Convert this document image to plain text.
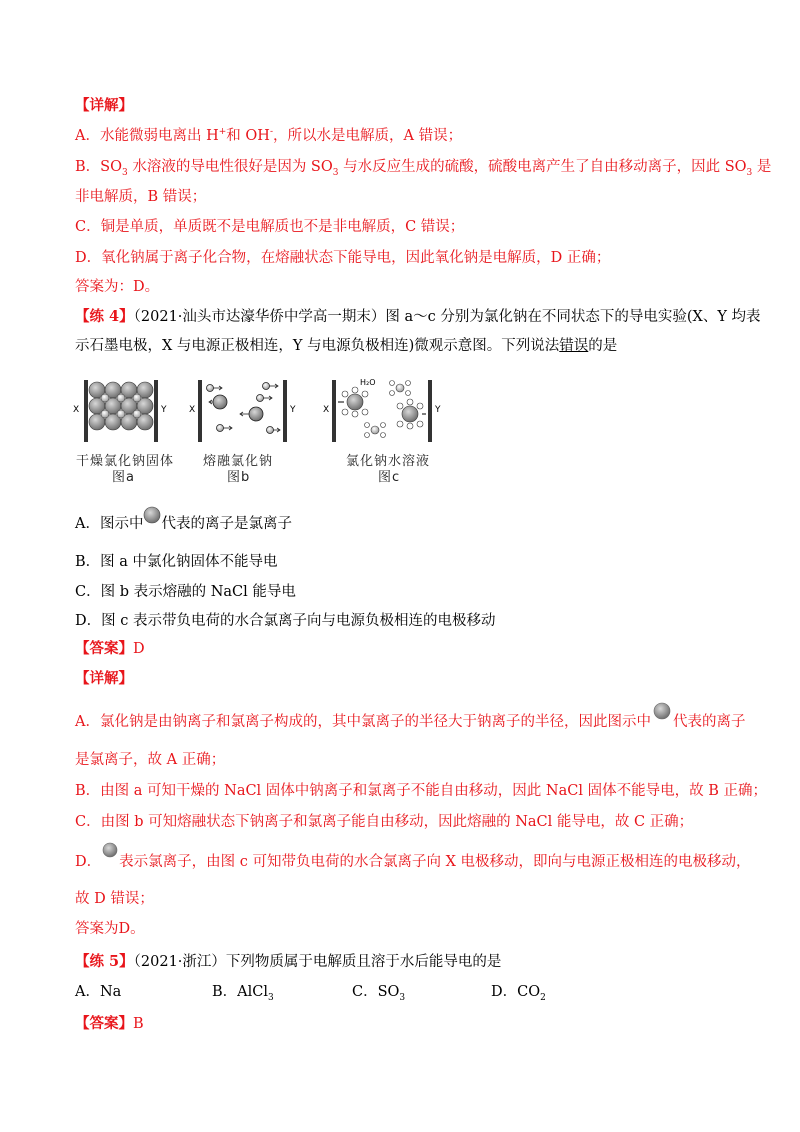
【详解】
A．水能微弱电离出 H+和 OH-，所以水是电解质，A 错误；
B．$SO_3$ 水溶液的导电性很好是因为 $SO_3$ 与水反应生成的硫酸，硫酸电离产生了自由移动离子，因此 $SO_3$ 是
非电解质，B 错误；
C．铜是单质，单质既不是电解质也不是非电解质，C 错误；
D．氧化钠属于离子化合物，在熔融状态下能导电，因此氧化钠是电解质，D 正确；
答案为：D。
【练 4】（2021·汕头市达濠华侨中学高一期末）图 a～c 分别为氯化钠在不同状态下的导电实验(X、Y 均表
示石墨电极，X 与电源正极相连，Y 与电源负极相连)微观示意图。下列说法错误的是
X	Y	X	Y	X	Y
H₂O
干燥氯化钠固体
图a
熔融氯化钠
图b
氯化钠水溶液
图c
A．图示中 代表的离子是氯离子
B．图 a 中氯化钠固体不能导电
C．图 b 表示熔融的 NaCl 能导电
D．图 c 表示带负电荷的水合氯离子向与电源负极相连的电极移动
【答案】D
【详解】
A．氯化钠是由钠离子和氯离子构成的，其中氯离子的半径大于钠离子的半径，因此图示中 代表的离子
是氯离子，故 A 正确；
B．由图 a 可知干燥的 NaCl 固体中钠离子和氯离子不能自由移动，因此 NaCl 固体不能导电，故 B 正确；
C．由图 b 可知熔融状态下钠离子和氯离子能自由移动，因此熔融的 NaCl 能导电，故 C 正确；
D． 表示氯离子，由图 c 可知带负电荷的水合氯离子向 X 电极移动，即向与电源正极相连的电极移动，
故 D 错误；
答案为D。
【练 5】（2021·浙江）下列物质属于电解质且溶于水后能导电的是
A．Na	B．AlCl$_3$	C．$SO_3$	D．$CO_2$
【答案】B
